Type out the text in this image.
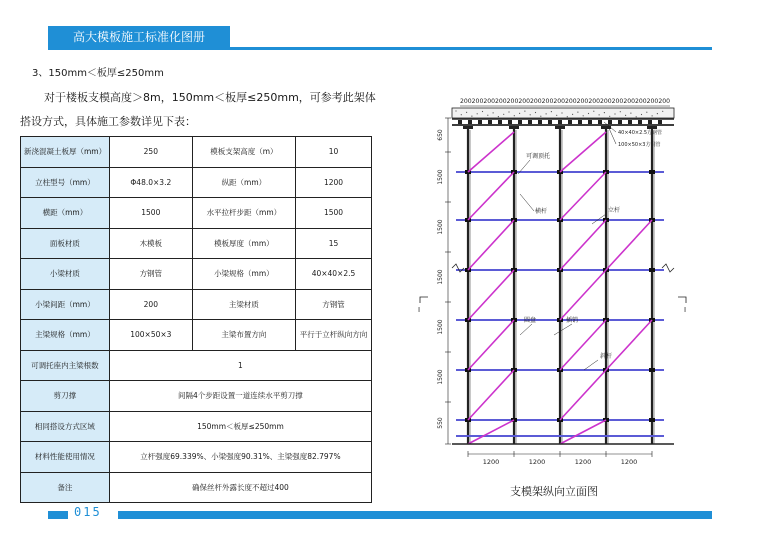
高大模板施工标准化图册
3、150mm＜板厚≤250mm
对于楼板支模高度＞8m，150mm＜板厚≤250mm，可参考此架体搭设方式，具体施工参数详见下表：
新浇混凝土板厚（mm）	250	模板支架高度（m）	10
立柱型号（mm）	Φ48.0×3.2	纵距（mm）	1200
横距（mm）	1500	水平拉杆步距（mm）	1500
面板材质	木模板	模板厚度（mm）	15
小梁材质	方钢管	小梁规格（mm）	40×40×2.5
小梁间距（mm）	200	主梁材质	方钢管
主梁规格（mm）	100×50×3	主梁布置方向	平行于立杆纵向方向
可调托座内主梁根数	1		
剪刀撑	间隔4个步距设置一道连续水平剪刀撑		
相同搭设方式区域	150mm＜板厚≤250mm		
材料性能使用情况	立杆强度69.339%、小梁强度90.31%、主梁强度82.797%		
备注	确保丝杆外露长度不超过400		
200200200200200200200200200200200200200200200200200200
40×40×2.5方钢管
100×50×3方钢管
可调顶托
横杆	立杆
圆盘	插销
斜杆
I	I
650
1500
1500
1500
1500
1500
550
1200	1200	1200	1200
支模架纵向立面图
015
